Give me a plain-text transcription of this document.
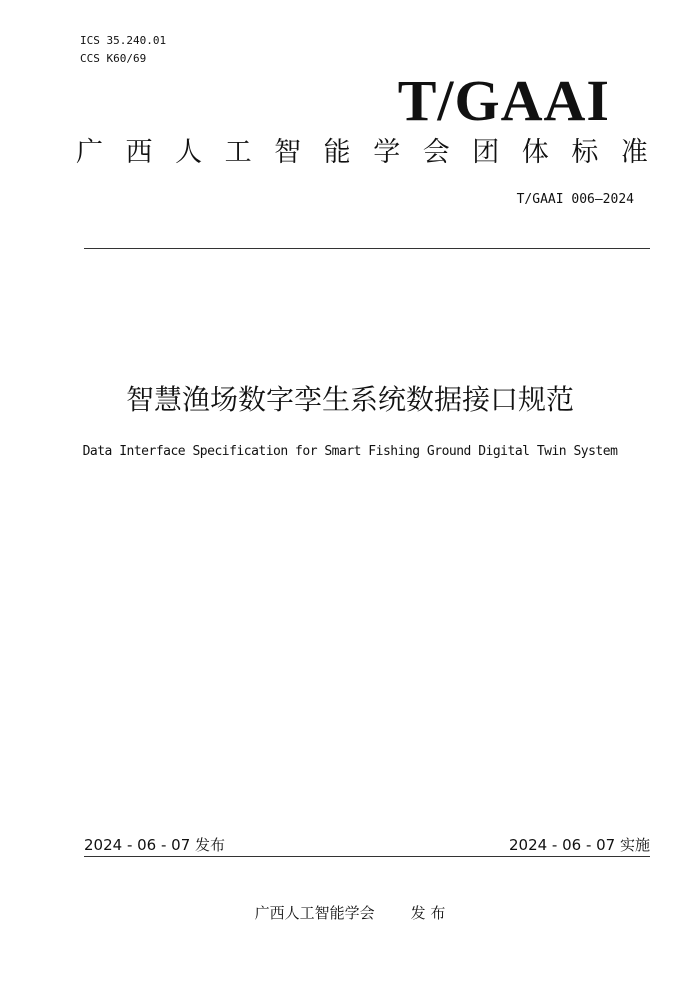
ICS 35.240.01
CCS K60/69
T/GAAI
广 西 人 工 智 能 学 会 团 体 标 准
T/GAAI 006—2024
智慧渔场数字孪生系统数据接口规范
Data Interface Specification for Smart Fishing Ground Digital Twin System
2024 - 06 - 07 发布	2024 - 06 - 07 实施
广西人工智能学会 发 布
